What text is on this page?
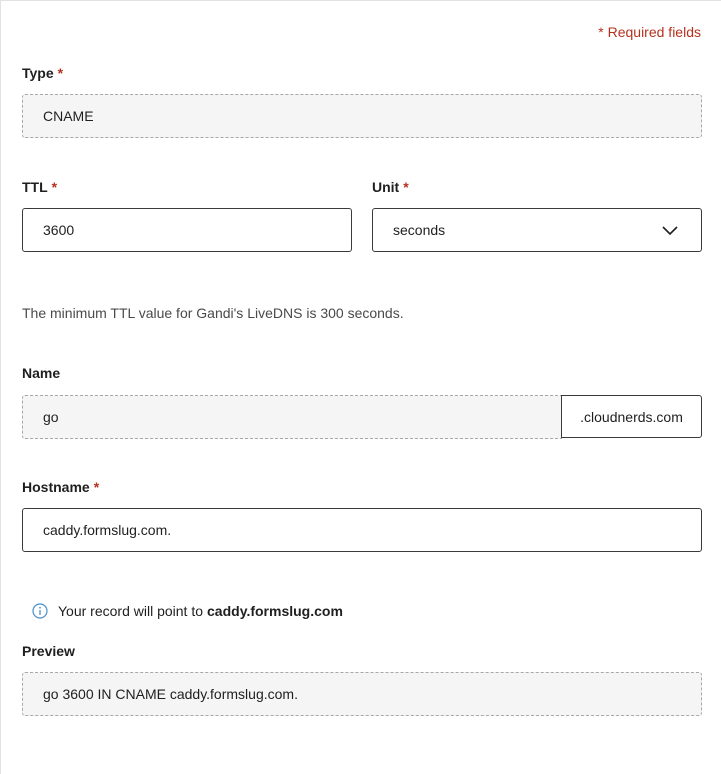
* Required fields
Type *
CNAME
TTL *
3600
Unit *
seconds
The minimum TTL value for Gandi's LiveDNS is 300 seconds.
Name
go	.cloudnerds.com
Hostname *
caddy.formslug.com.
Your record will point to caddy.formslug.com
Preview
go 3600 IN CNAME caddy.formslug.com.
